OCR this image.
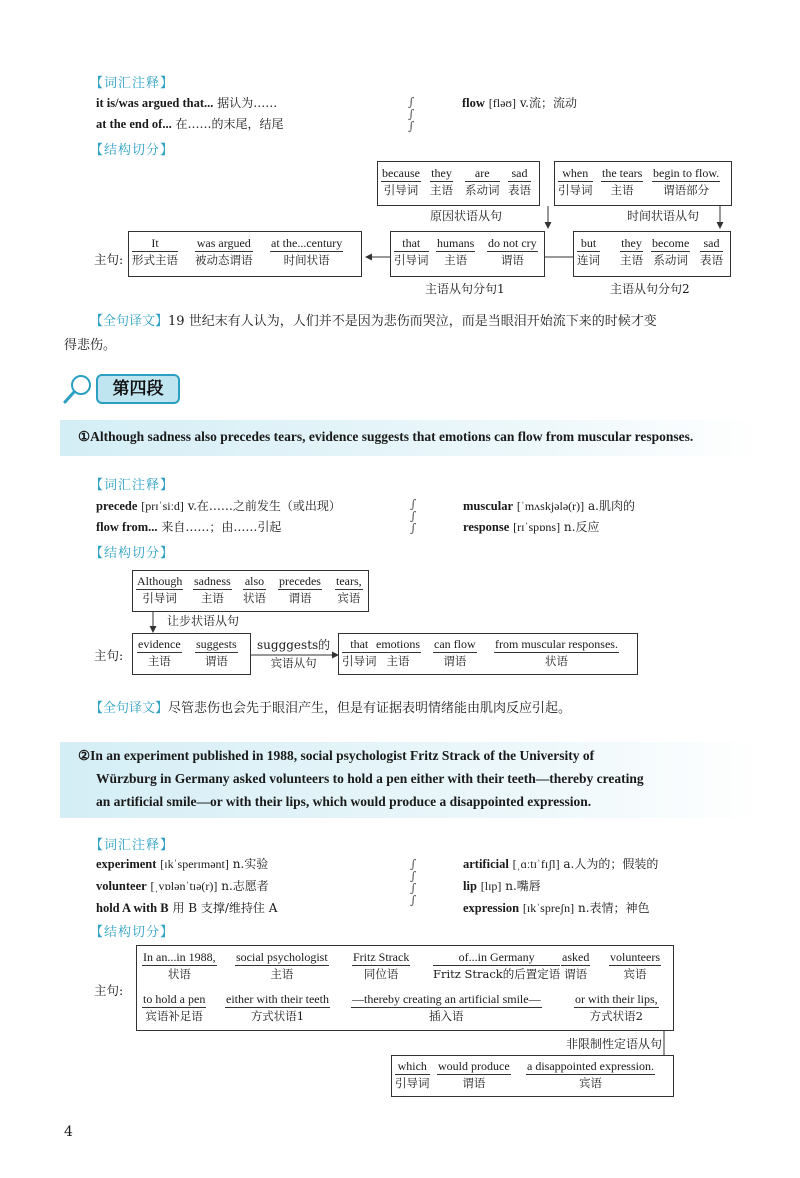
【词汇注释】
it is/was argued that... 据认为……
at the end of... 在……的末尾，结尾
∫
∫
∫
flow [fləʊ] v.流；流动
【结构切分】
because
引导词
they
主语
are
系动词
sad
表语
原因状语从句
when
引导词
the tears
主语
begin to flow.
谓语部分
时间状语从句
主句:
It
形式主语
was argued
被动态谓语
at the...century
时间状语
that
引导词
humans
主语
do not cry
谓语
主语从句分句1
but
连词
they
主语
become
系动词
sad
表语
主语从句分句2
【全句译文】19 世纪末有人认为，人们并不是因为悲伤而哭泣，而是当眼泪开始流下来的时候才变
得悲伤。
第四段
①Although sadness also precedes tears, evidence suggests that emotions can flow from muscular responses.
【词汇注释】
precede [prɪˈsiːd] v.在……之前发生（或出现）
flow from... 来自……；由……引起
∫
∫
∫
muscular [ˈmʌskjələ(r)] a.肌肉的
response [rɪˈspɒns] n.反应
【结构切分】
Although
引导词
sadness
主语
also
状语
precedes
谓语
tears,
宾语
让步状语从句
主句:
evidence
主语
suggests
谓语
sugggests的
宾语从句
that
引导词
emotions
主语
can flow
谓语
from muscular responses.
状语
【全句译文】尽管悲伤也会先于眼泪产生，但是有证据表明情绪能由肌肉反应引起。
②In an experiment published in 1988, social psychologist Fritz Strack of the University of
Würzburg in Germany asked volunteers to hold a pen either with their teeth—thereby creating
an artificial smile—or with their lips, which would produce a disappointed expression.
【词汇注释】
experiment [ɪkˈsperɪmənt] n.实验
volunteer [ˌvɒlənˈtɪə(r)] n.志愿者
hold A with B 用 B 支撑/维持住 A
∫
∫
∫
∫
artificial [ˌɑːtɪˈfɪʃl] a.人为的；假装的
lip [lɪp] n.嘴唇
expression [ɪkˈspreʃn] n.表情；神色
【结构切分】
主句:
In an...in 1988,
状语
social psychologist
主语
Fritz Strack
同位语
of...in Germany
Fritz Strack的后置定语
asked
谓语
volunteers
宾语
to hold a pen
宾语补足语
either with their teeth
方式状语1
—thereby creating an artificial smile—
插入语
or with their lips,
方式状语2
非限制性定语从句
which
引导词
would produce
谓语
a disappointed expression.
宾语
4
